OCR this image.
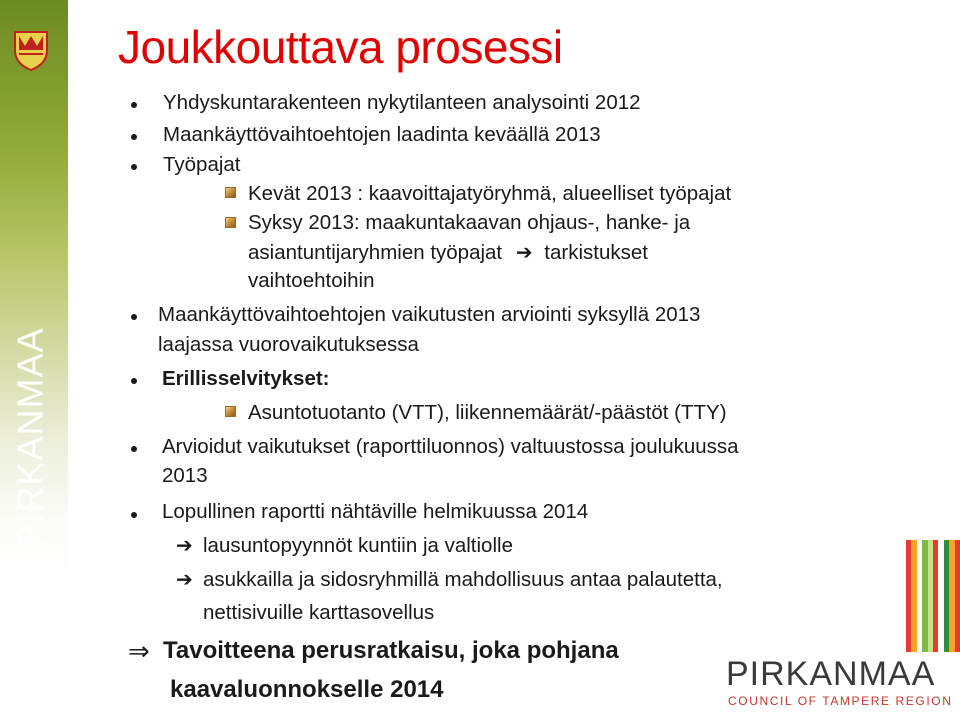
PIRKANMAA
Joukkouttava prosessi
Yhdyskuntarakenteen nykytilanteen analysointi 2012
Maankäyttövaihtoehtojen laadinta keväällä 2013
Työpajat
Kevät 2013 : kaavoittajatyöryhmä, alueelliset työpajat
Syksy 2013: maakuntakaavan ohjaus-, hanke- ja
asiantuntijaryhmien työpajat ➔ tarkistukset
vaihtoehtoihin
Maankäyttövaihtoehtojen vaikutusten arviointi syksyllä 2013
laajassa vuorovaikutuksessa
Erillisselvitykset:
Asuntotuotanto (VTT), liikennemäärät/-päästöt (TTY)
Arvioidut vaikutukset (raporttiluonnos) valtuustossa joulukuussa
2013
Lopullinen raportti nähtäville helmikuussa 2014
➔ lausuntopyynnöt kuntiin ja valtiolle
➔ asukkailla ja sidosryhmillä mahdollisuus antaa palautetta,
nettisivuille karttasovellus
⇒ Tavoitteena perusratkaisu, joka pohjana
kaavaluonnokselle 2014	PIRKANMAA
COUNCIL OF TAMPERE REGION
